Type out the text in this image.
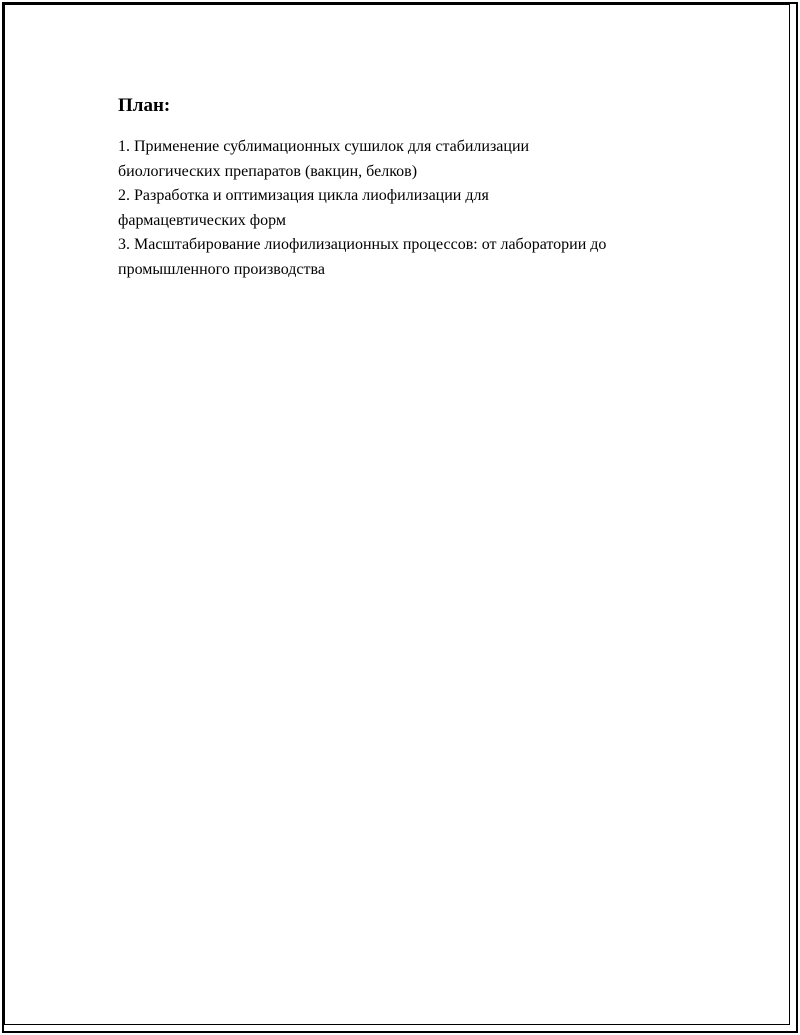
План:
1. Применение сублимационных сушилок для стабилизации
биологических препаратов (вакцин, белков)
2. Разработка и оптимизация цикла лиофилизации для
фармацевтических форм
3. Масштабирование лиофилизационных процессов: от лаборатории до
промышленного производства
